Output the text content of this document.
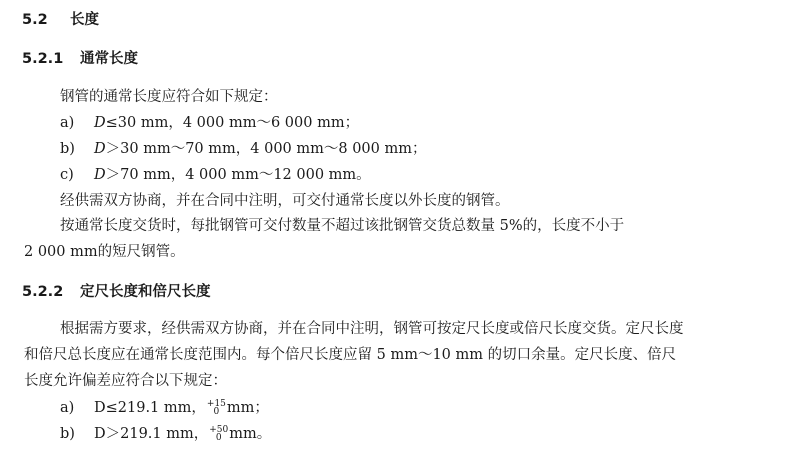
5.2 长度
5.2.1 通常长度
钢管的通常长度应符合如下规定：
a) D≤30 mm，4 000 mm～6 000 mm；
b) D＞30 mm～70 mm，4 000 mm～8 000 mm；
c) D＞70 mm，4 000 mm～12 000 mm。
经供需双方协商，并在合同中注明，可交付通常长度以外长度的钢管。
按通常长度交货时，每批钢管可交付数量不超过该批钢管交货总数量 5%的，长度不小于
2 000 mm的短尺钢管。
5.2.2 定尺长度和倍尺长度
根据需方要求，经供需双方协商，并在合同中注明，钢管可按定尺长度或倍尺长度交货。定尺长度
和倍尺总长度应在通常长度范围内。每个倍尺长度应留 5 mm～10 mm 的切口余量。定尺长度、倍尺
长度允许偏差应符合以下规定：
a) D≤219.1 mm， +15
0 mm；
b) D＞219.1 mm， +50
0 mm。
